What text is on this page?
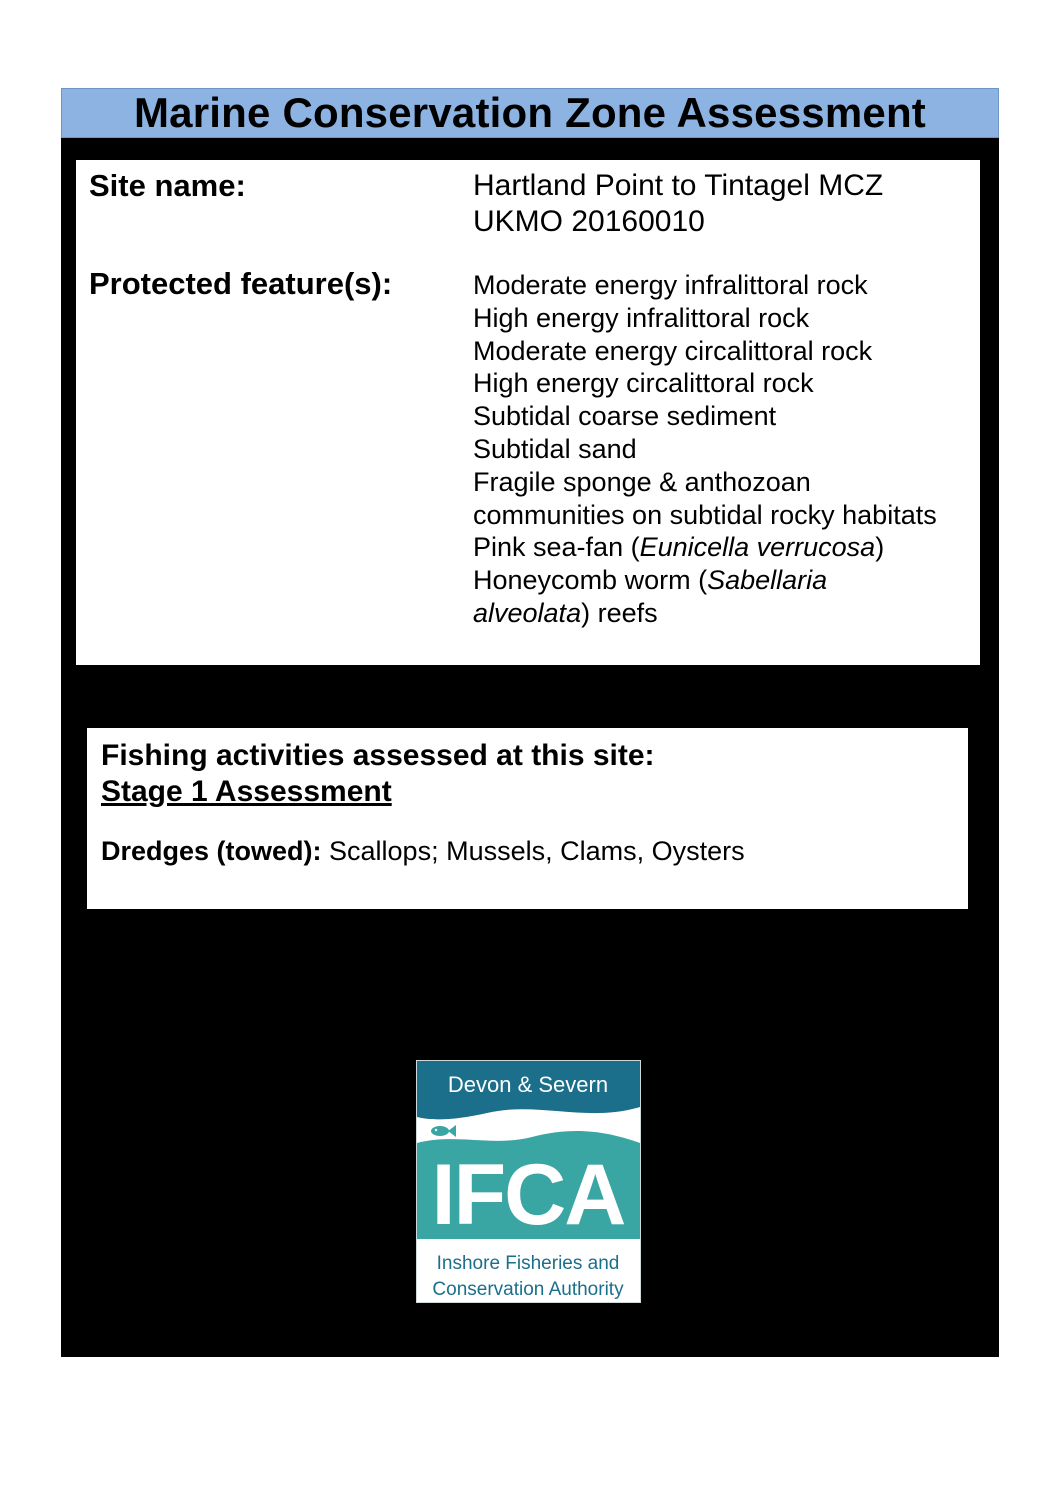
Marine Conservation Zone Assessment
Site name:	Hartland Point to Tintagel MCZ
UKMO 20160010
Protected feature(s):	Moderate energy infralittoral rock
High energy infralittoral rock
Moderate energy circalittoral rock
High energy circalittoral rock
Subtidal coarse sediment
Subtidal sand
Fragile sponge & anthozoan
communities on subtidal rocky habitats
Pink sea-fan (Eunicella verrucosa)
Honeycomb worm (Sabellaria
alveolata) reefs
Fishing activities assessed at this site:
Stage 1 Assessment
Dredges (towed): Scallops; Mussels, Clams, Oysters
Devon & Severn
IFCA
Inshore Fisheries and
Conservation Authority
